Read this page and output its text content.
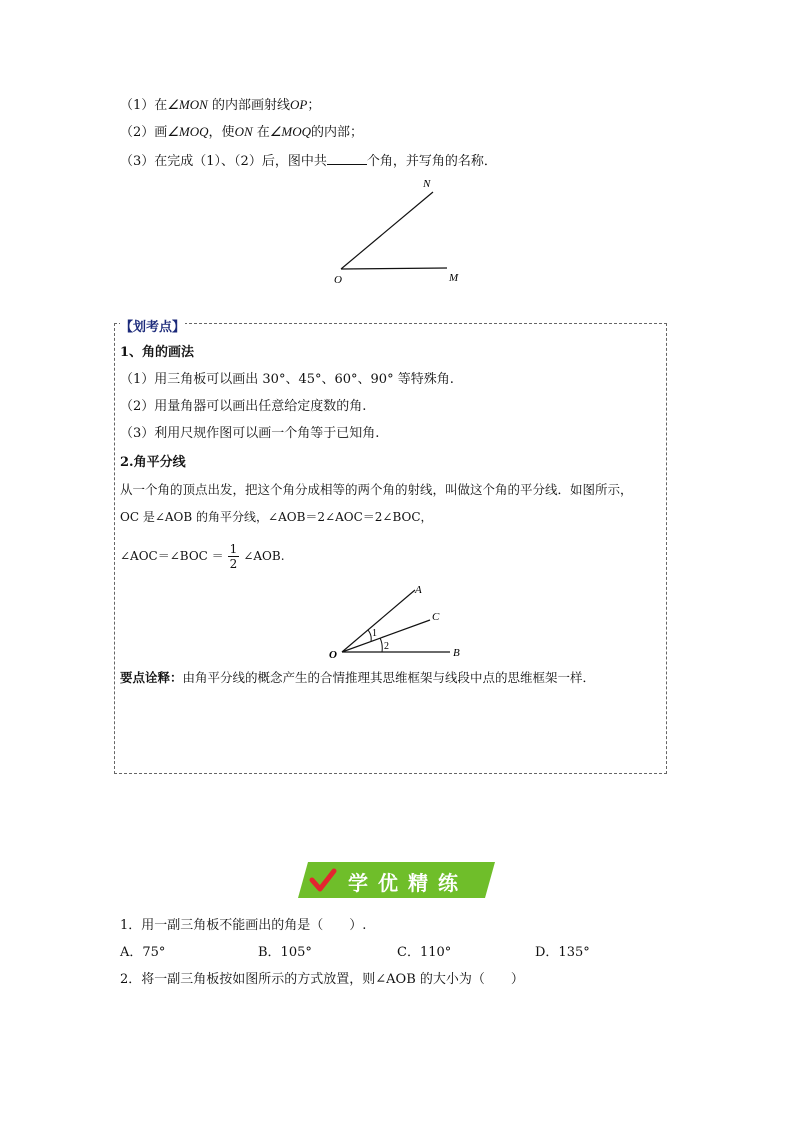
（1）在∠MON 的内部画射线OP；
（2）画∠MOQ，使ON 在∠MOQ的内部；
（3）在完成（1）、（2）后，图中共	个角，并写角的名称．
N
O	M
【划考点】
1、角的画法
（1）用三角板可以画出 30°、45°、60°、90° 等特殊角.
（2）用量角器可以画出任意给定度数的角.
（3）利用尺规作图可以画一个角等于已知角.
2.角平分线
从一个角的顶点出发，把这个角分成相等的两个角的射线，叫做这个角的平分线．如图所示，
OC 是∠AOB 的角平分线，∠AOB＝2∠AOC＝2∠BOC，
∠AOC＝∠BOC ＝ $\frac{1}{2}$ ∠AOB.
A
C
B
O
1
2
要点诠释：由角平分线的概念产生的合情推理其思维框架与线段中点的思维框架一样．
学优精练
1．用一副三角板不能画出的角是（　　）.
A．75°	B．105°	C．110°	D．135°
2．将一副三角板按如图所示的方式放置，则∠AOB 的大小为（　　）
